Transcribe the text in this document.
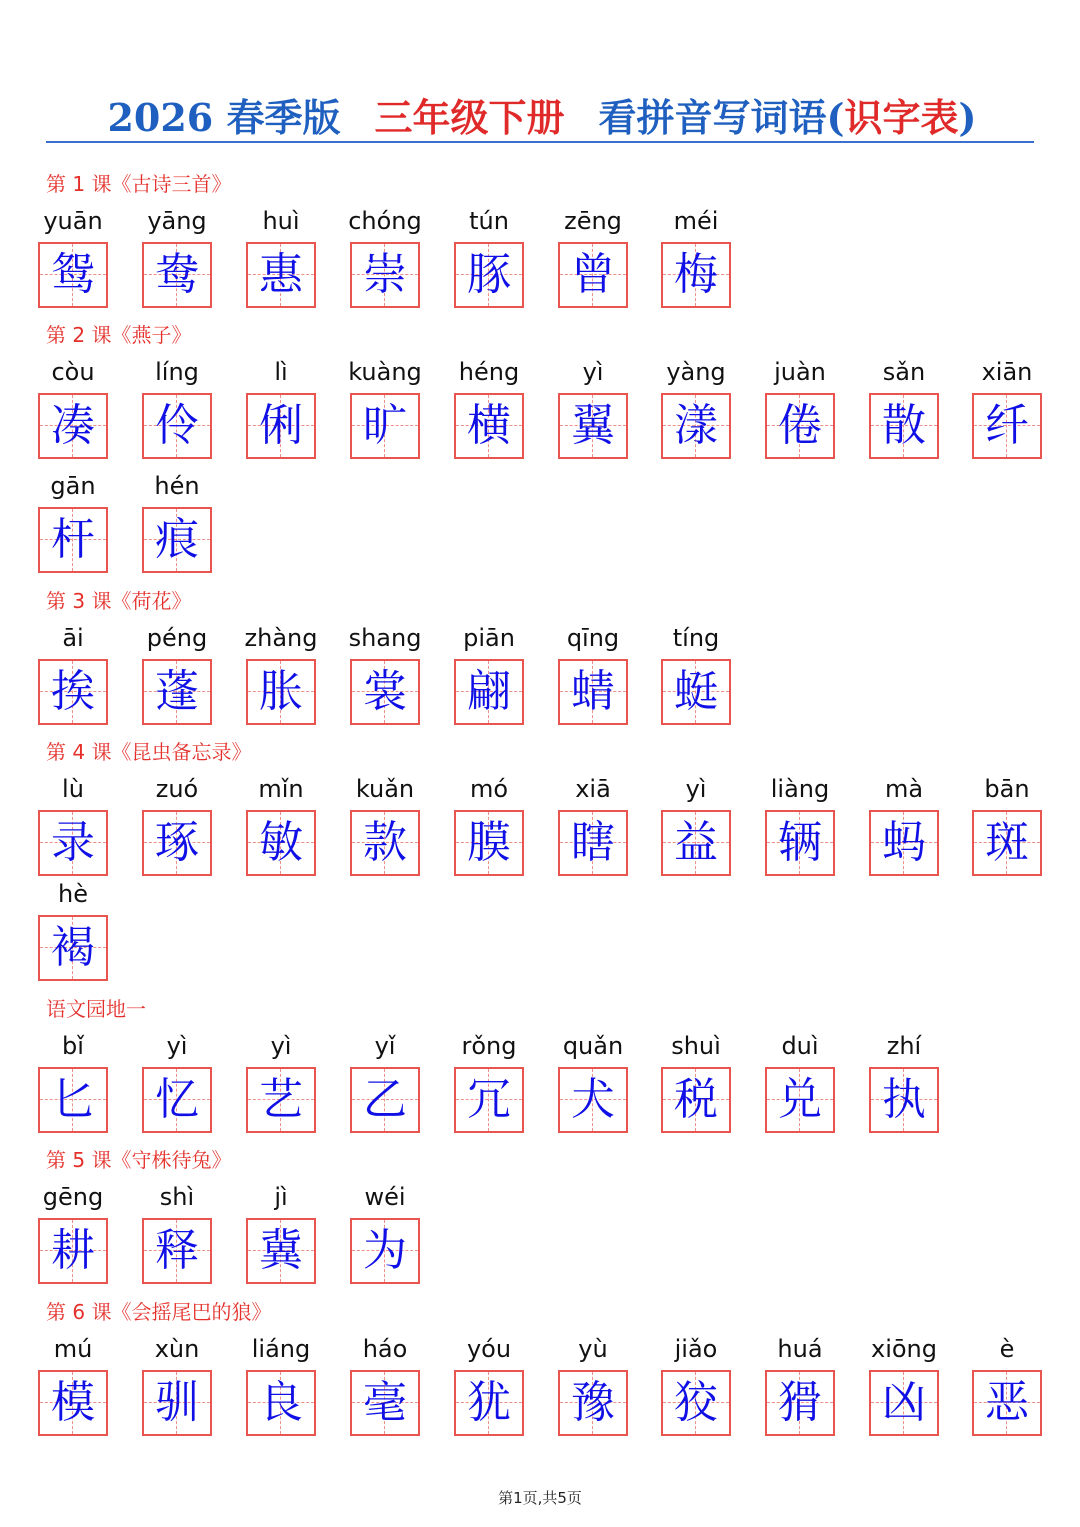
2026 春季版 三年级下册 看拼音写词语(识字表)
第 1 课《古诗三首》
yuān
鸳
yāng
鸯
huì
惠
chóng
崇
tún
豚
zēng
曾
méi
梅
第 2 课《燕子》
còu
凑
líng
伶
lì
俐
kuàng
旷
héng
横
yì
翼
yàng
漾
juàn
倦
sǎn
散
xiān
纤
gān
杆
hén
痕
第 3 课《荷花》
āi
挨
péng
蓬
zhàng
胀
shang
裳
piān
翩
qīng
蜻
tíng
蜓
第 4 课《昆虫备忘录》
lù
录
zuó
琢
mǐn
敏
kuǎn
款
mó
膜
xiā
瞎
yì
益
liàng
辆
mà
蚂
bān
斑
hè
褐
语文园地一
bǐ
匕
yì
忆
yì
艺
yǐ
乙
rǒng
冗
quǎn
犬
shuì
税
duì
兑
zhí
执
第 5 课《守株待兔》
gēng
耕
shì
释
jì
冀
wéi
为
第 6 课《会摇尾巴的狼》
mú
模
xùn
驯
liáng
良
háo
毫
yóu
犹
yù
豫
jiǎo
狡
huá
猾
xiōng
凶
è
恶
第1页,共5页
